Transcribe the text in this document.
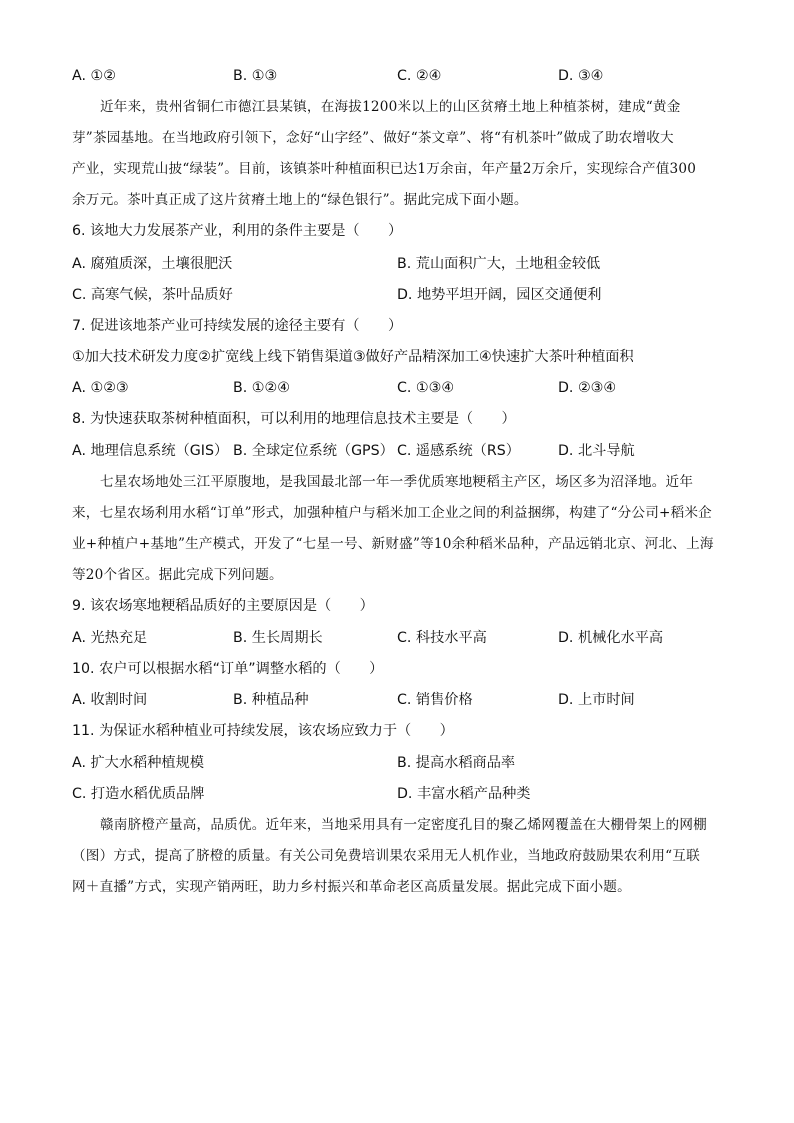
A. ①②	B. ①③	C. ②④	D. ③④
近年来，贵州省铜仁市德江县某镇，在海拔1200米以上的山区贫瘠土地上种植茶树，建成“黄金
芽”茶园基地。在当地政府引领下，念好“山字经”、做好“茶文章”、将“有机茶叶”做成了助农增收大
产业，实现荒山披“绿装”。目前，该镇茶叶种植面积已达1万余亩，年产量2万余斤，实现综合产值300
余万元。茶叶真正成了这片贫瘠土地上的“绿色银行”。据此完成下面小题。
6. 该地大力发展茶产业，利用的条件主要是（　　）
A. 腐殖质深，土壤很肥沃	B. 荒山面积广大，土地租金较低
C. 高寒气候，茶叶品质好	D. 地势平坦开阔，园区交通便利
7. 促进该地茶产业可持续发展的途径主要有（　　）
①加大技术研发力度②扩宽线上线下销售渠道③做好产品精深加工④快速扩大茶叶种植面积
A. ①②③	B. ①②④	C. ①③④	D. ②③④
8. 为快速获取茶树种植面积，可以利用的地理信息技术主要是（　　）
A. 地理信息系统（GIS） B. 全球定位系统（GPS） C. 遥感系统（RS）	D. 北斗导航
七星农场地处三江平原腹地，是我国最北部一年一季优质寒地粳稻主产区，场区多为沼泽地。近年
来，七星农场利用水稻“订单”形式，加强种植户与稻米加工企业之间的利益捆绑，构建了“分公司+稻米企
业+种植户+基地”生产模式，开发了“七星一号、新财盛”等10余种稻米品种，产品远销北京、河北、上海
等20个省区。据此完成下列问题。
9. 该农场寒地粳稻品质好的主要原因是（　　）
A. 光热充足	B. 生长周期长	C. 科技水平高	D. 机械化水平高
10. 农户可以根据水稻“订单”调整水稻的（　　）
A. 收割时间	B. 种植品种	C. 销售价格	D. 上市时间
11. 为保证水稻种植业可持续发展，该农场应致力于（　　）
A. 扩大水稻种植规模	B. 提高水稻商品率
C. 打造水稻优质品牌	D. 丰富水稻产品种类
赣南脐橙产量高，品质优。近年来，当地采用具有一定密度孔目的聚乙烯网覆盖在大棚骨架上的网棚
（图）方式，提高了脐橙的质量。有关公司免费培训果农采用无人机作业，当地政府鼓励果农利用“互联
网＋直播”方式，实现产销两旺，助力乡村振兴和革命老区高质量发展。据此完成下面小题。
